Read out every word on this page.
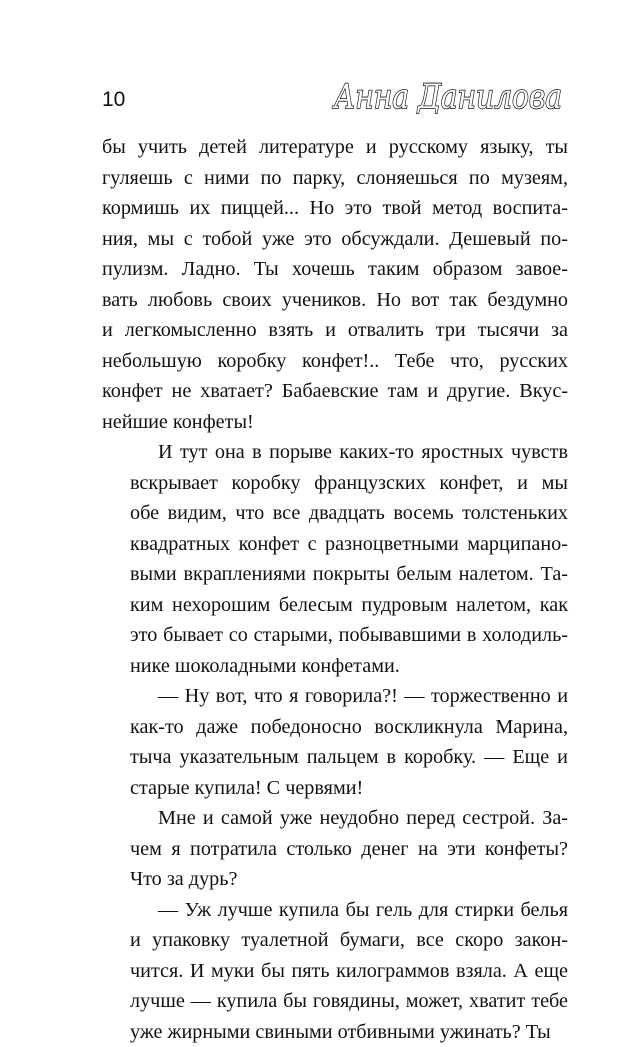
10	Анна Данилова
бы учить детей литературе и русскому языку, ты
гуляешь с ними по парку, слоняешься по музеям,
кормишь их пиццей... Но это твой метод воспита-
ния, мы с тобой уже это обсуждали. Дешевый по-
пулизм. Ладно. Ты хочешь таким образом завое-
вать любовь своих учеников. Но вот так бездумно
и легкомысленно взять и отвалить три тысячи за
небольшую коробку конфет!.. Тебе что, русских
конфет не хватает? Бабаевские там и другие. Вкус-
нейшие конфеты!
И тут она в порыве каких-то яростных чувств
вскрывает коробку французских конфет, и мы
обе видим, что все двадцать восемь толстеньких
квадратных конфет с разноцветными марципано-
выми вкраплениями покрыты белым налетом. Та-
ким нехорошим белесым пудровым налетом, как
это бывает со старыми, побывавшими в холодиль-
нике шоколадными конфетами.
— Ну вот, что я говорила?! — торжественно и
как-то даже победоносно воскликнула Марина,
тыча указательным пальцем в коробку. — Еще и
старые купила! С червями!
Мне и самой уже неудобно перед сестрой. За-
чем я потратила столько денег на эти конфеты?
Что за дурь?
— Уж лучше купила бы гель для стирки белья
и упаковку туалетной бумаги, все скоро закон-
чится. И муки бы пять килограммов взяла. А еще
лучше — купила бы говядины, может, хватит тебе
уже жирными свиными отбивными ужинать? Ты
